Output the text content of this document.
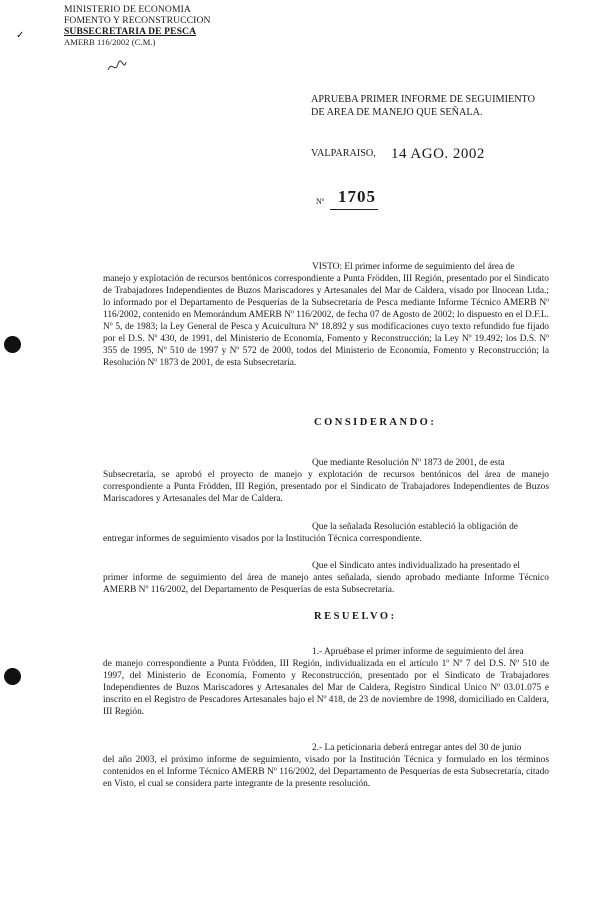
✓
MINISTERIO DE ECONOMIA
FOMENTO Y RECONSTRUCCION
SUBSECRETARIA DE PESCA
AMERB 116/2002 (C.M.)
APRUEBA PRIMER INFORME DE SEGUIMIENTO
DE AREA DE MANEJO QUE SEÑALA.
VALPARAISO, 14 AGO. 2002
Nº 1705
VISTO: El primer informe de seguimiento del área de
manejo y explotación de recursos bentónicos correspondiente a Punta Frödden, III Región, presentado por el Sindicato de Trabajadores Independientes de Buzos Mariscadores y Artesanales del Mar de Caldera, visado por Ilnocean Ltda.; lo informado por el Departamento de Pesquerías de la Subsecretaría de Pesca mediante Informe Técnico AMERB Nº 116/2002, contenido en Memorándum AMERB Nº 116/2002, de fecha 07 de Agosto de 2002; lo dispuesto en el D.F.L. Nº 5, de 1983; la Ley General de Pesca y Acuicultura Nº 18.892 y sus modificaciones cuyo texto refundido fue fijado por el D.S. Nº 430, de 1991, del Ministerio de Economía, Fomento y Reconstrucción; la Ley Nº 19.492; los D.S. Nº 355 de 1995, Nº 510 de 1997 y Nº 572 de 2000, todos del Ministerio de Economía, Fomento y Reconstrucción; la Resolución Nº 1873 de 2001, de esta Subsecretaría.
CONSIDERANDO:
Que mediante Resolución Nº 1873 de 2001, de esta
Subsecretaría, se aprobó el proyecto de manejo y explotación de recursos bentónicos del área de manejo correspondiente a Punta Frödden, III Región, presentado por el Sindicato de Trabajadores Independientes de Buzos Mariscadores y Artesanales del Mar de Caldera.
Que la señalada Resolución estableció la obligación de
entregar informes de seguimiento visados por la Institución Técnica correspondiente.
Que el Sindicato antes individualizado ha presentado el
primer informe de seguimiento del área de manejo antes señalada, siendo aprobado mediante Informe Técnico AMERB Nº 116/2002, del Departamento de Pesquerías de esta Subsecretaría.
RESUELVO:
1.- Apruébase el primer informe de seguimiento del área
de manejo correspondiente a Punta Frödden, III Región, individualizada en el artículo 1º Nº 7 del D.S. Nº 510 de 1997, del Ministerio de Economía, Fomento y Reconstrucción, presentado por el Sindicato de Trabajadores Independientes de Buzos Mariscadores y Artesanales del Mar de Caldera, Registro Sindical Unico Nº 03.01.075 e inscrito en el Registro de Pescadores Artesanales bajo el Nº 418, de 23 de noviembre de 1998, domiciliado en Caldera, III Región.
2.- La peticionaria deberá entregar antes del 30 de junio
del año 2003, el próximo informe de seguimiento, visado por la Institución Técnica y formulado en los términos contenidos en el Informe Técnico AMERB Nº 116/2002, del Departamento de Pesquerías de esta Subsecretaría, citado en Visto, el cual se considera parte integrante de la presente resolución.
